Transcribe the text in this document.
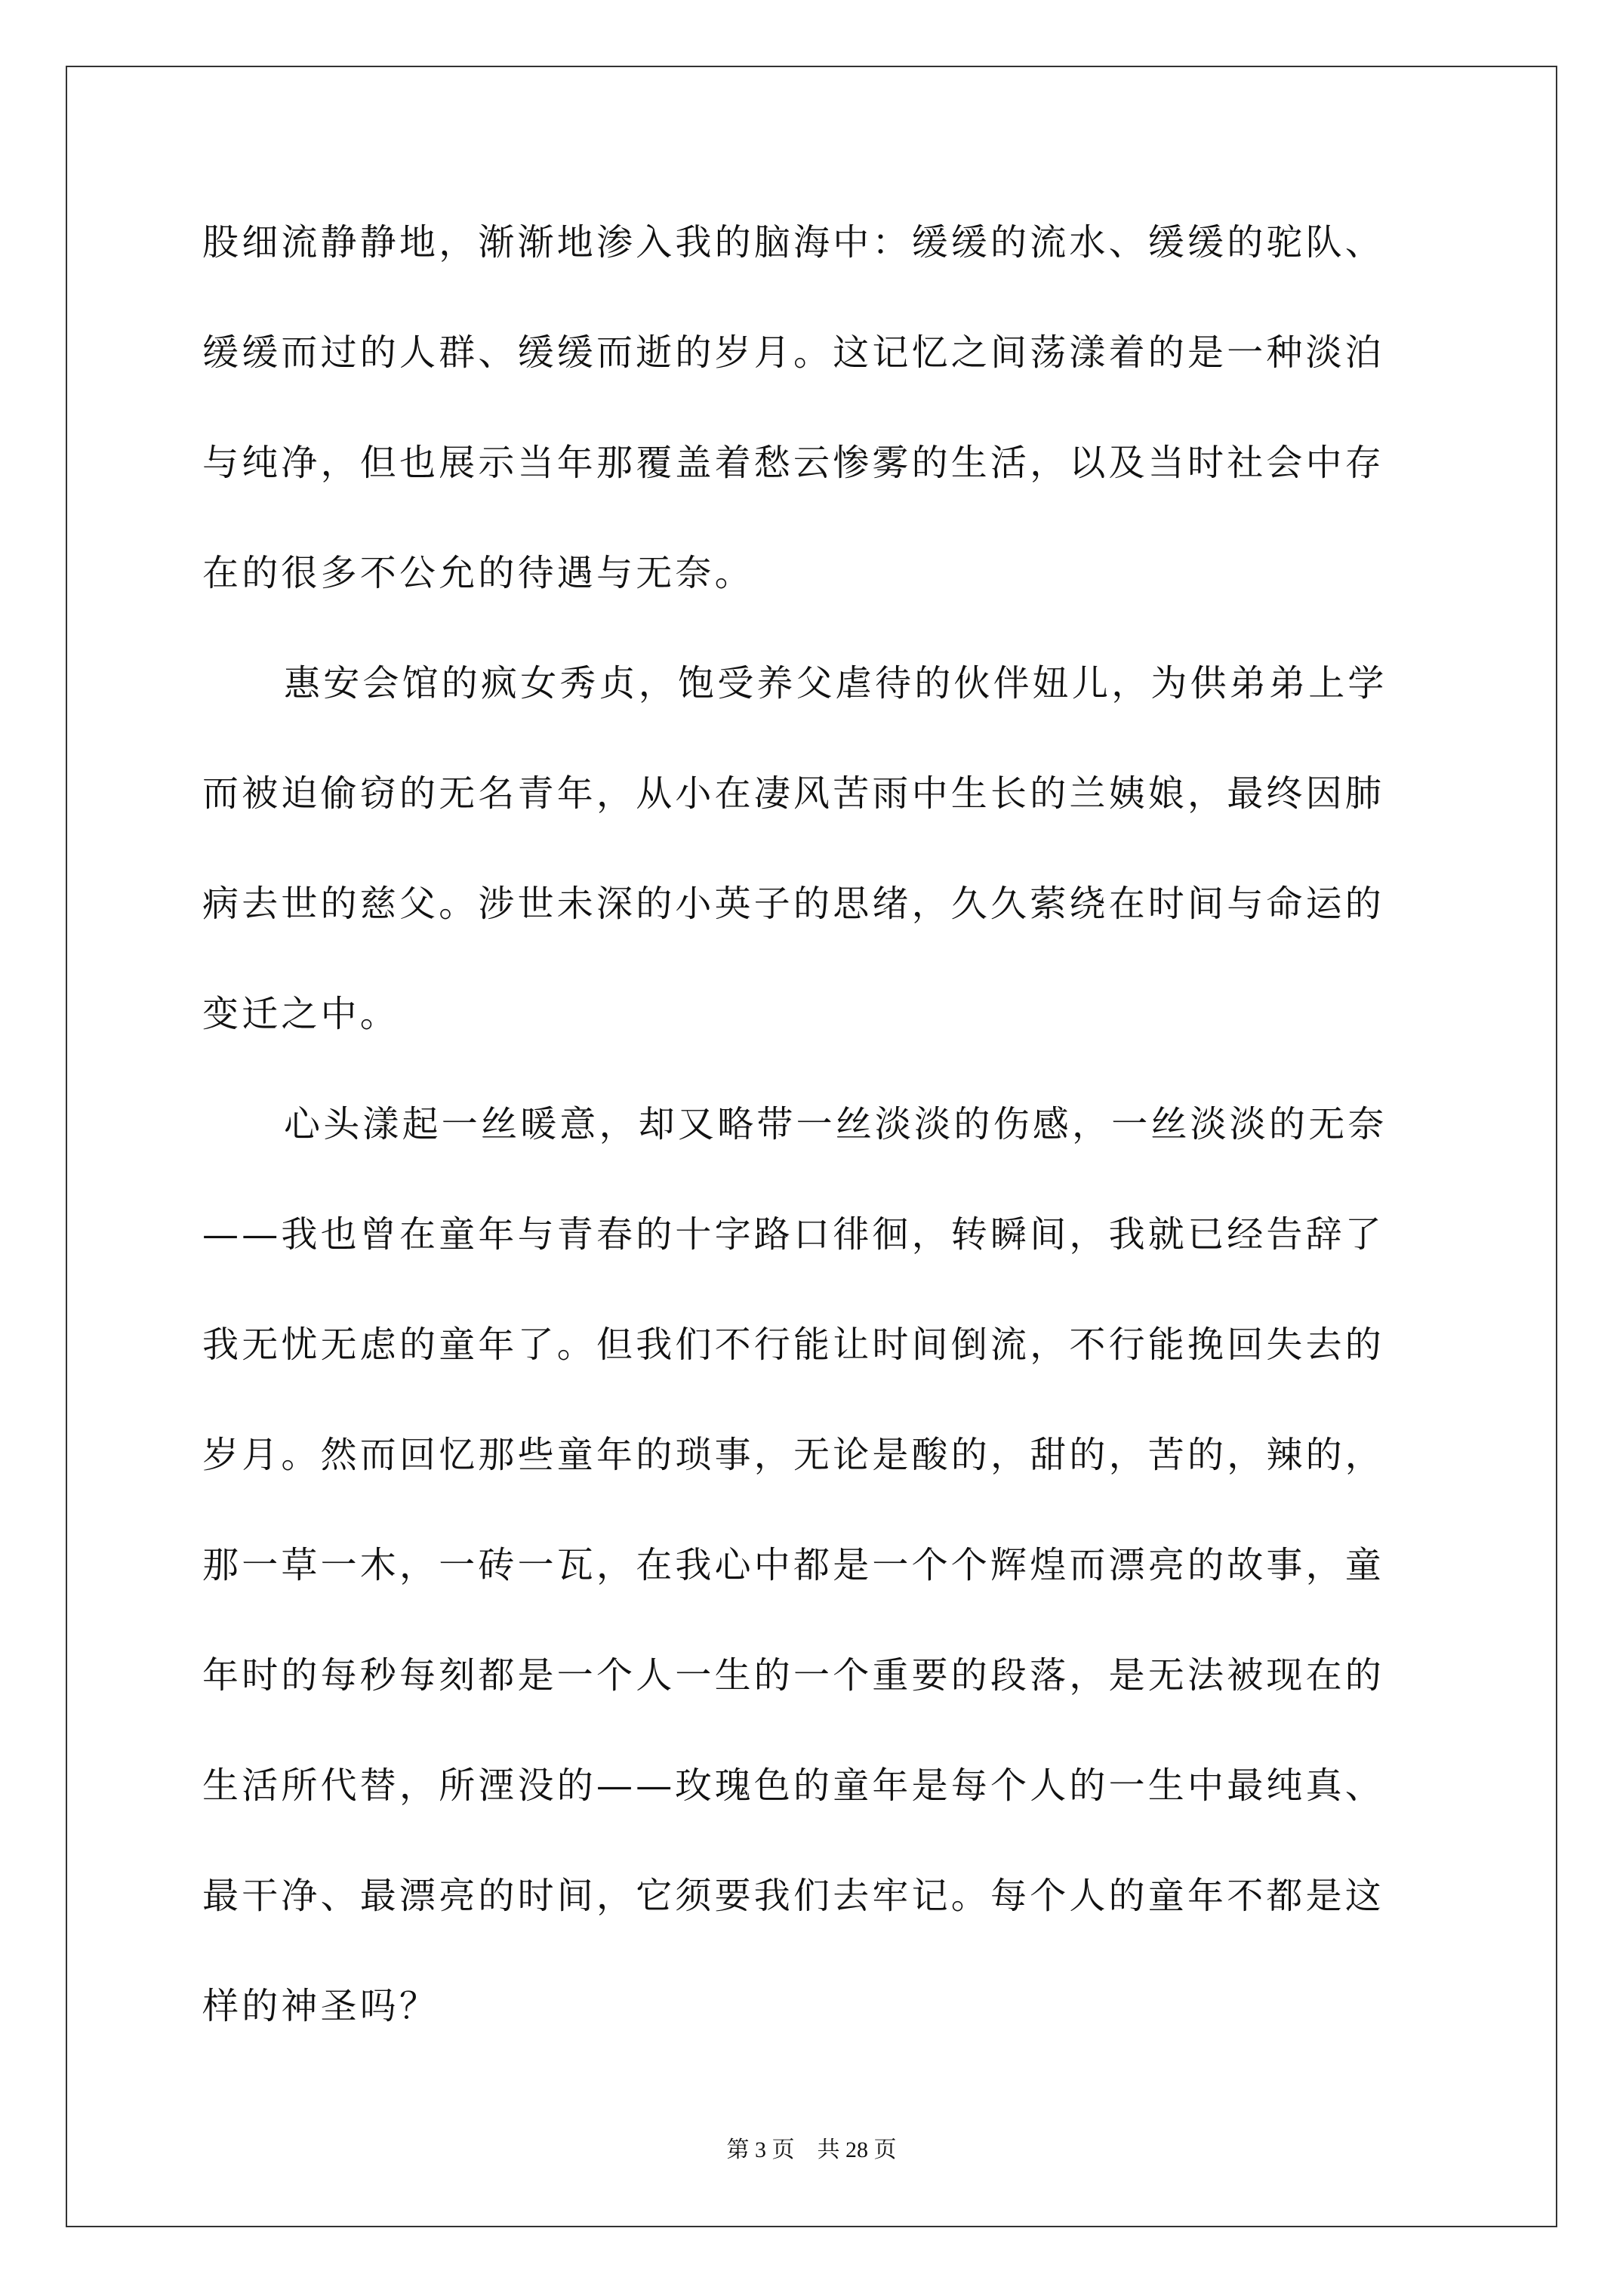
股细流静静地，渐渐地渗入我的脑海中：缓缓的流水、缓缓的驼队、
缓缓而过的人群、缓缓而逝的岁月。这记忆之间荡漾着的是一种淡泊
与纯净，但也展示当年那覆盖着愁云惨雾的生活，以及当时社会中存
在的很多不公允的待遇与无奈。
惠安会馆的疯女秀贞，饱受养父虐待的伙伴妞儿，为供弟弟上学
而被迫偷窃的无名青年，从小在凄风苦雨中生长的兰姨娘，最终因肺
病去世的慈父。涉世未深的小英子的思绪，久久萦绕在时间与命运的
变迁之中。
心头漾起一丝暖意，却又略带一丝淡淡的伤感，一丝淡淡的无奈
——我也曾在童年与青春的十字路口徘徊，转瞬间，我就已经告辞了
我无忧无虑的童年了。但我们不行能让时间倒流，不行能挽回失去的
岁月。然而回忆那些童年的琐事，无论是酸的，甜的，苦的，辣的，
那一草一木，一砖一瓦，在我心中都是一个个辉煌而漂亮的故事，童
年时的每秒每刻都是一个人一生的一个重要的段落，是无法被现在的
生活所代替，所湮没的——玫瑰色的童年是每个人的一生中最纯真、
最干净、最漂亮的时间，它须要我们去牢记。每个人的童年不都是这
样的神圣吗？
第 3 页　共 28 页
